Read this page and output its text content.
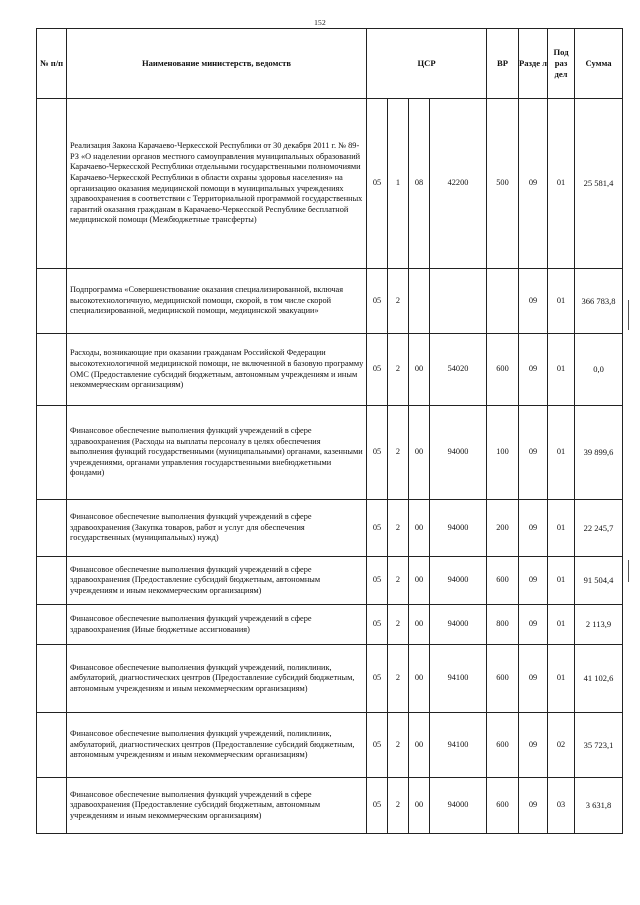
152
№ п/п	Наименование министерств, ведомств	ЦСР				ВР	Разде л	Под раз дел	Сумма
	Реализация Закона Карачаево-Черкесской Республики от 30 декабря 2011 г. № 89-РЗ «О наделении органов местного самоуправления муниципальных образований Карачаево-Черкесской Республики отдельными государственными полномочиями Карачаево-Черкесской Республики в области охраны здоровья населения» на организацию оказания медицинской помощи в муниципальных учреждениях здравоохранения в соответствии с Территориальной программой государственных гарантий оказания гражданам в Карачаево-Черкесской Республике бесплатной медицинской помощи (Межбюджетные трансферты)	05	1	08	42200	500	09	01	25 581,4
	Подпрограмма «Совершенствование оказания специализированной, включая высокотехнологичную, медицинской помощи, скорой, в том числе скорой специализированной, медицинской помощи, медицинской эвакуации»	05	2				09	01	366 783,8
	Расходы, возникающие при оказании гражданам Российской Федерации высокотехнологичной медицинской помощи, не включенной в базовую программу ОМС (Предоставление субсидий бюджетным, автономным учреждениям и иным некоммерческим организациям)	05	2	00	54020	600	09	01	0,0
	Финансовое обеспечение выполнения функций учреждений в сфере здравоохранения (Расходы на выплаты персоналу в целях обеспечения выполнения функций государственными (муниципальными) органами, казенными учреждениями, органами управления государственными внебюджетными фондами)	05	2	00	94000	100	09	01	39 899,6
	Финансовое обеспечение выполнения функций учреждений в сфере здравоохранения (Закупка товаров, работ и услуг для обеспечения государственных (муниципальных) нужд)	05	2	00	94000	200	09	01	22 245,7
	Финансовое обеспечение выполнения функций учреждений в сфере здравоохранения (Предоставление субсидий бюджетным, автономным учреждениям и иным некоммерческим организациям)	05	2	00	94000	600	09	01	91 504,4
	Финансовое обеспечение выполнения функций учреждений в сфере здравоохранения (Иные бюджетные ассигнования)	05	2	00	94000	800	09	01	2 113,9
	Финансовое обеспечение выполнения функций учреждений, поликлиник, амбулаторий, диагностических центров (Предоставление субсидий бюджетным, автономным учреждениям и иным некоммерческим организациям)	05	2	00	94100	600	09	01	41 102,6
	Финансовое обеспечение выполнения функций учреждений, поликлиник, амбулаторий, диагностических центров (Предоставление субсидий бюджетным, автономным учреждениям и иным некоммерческим организациям)	05	2	00	94100	600	09	02	35 723,1
	Финансовое обеспечение выполнения функций учреждений в сфере здравоохранения (Предоставление субсидий бюджетным, автономным учреждениям и иным некоммерческим организациям)	05	2	00	94000	600	09	03	3 631,8
